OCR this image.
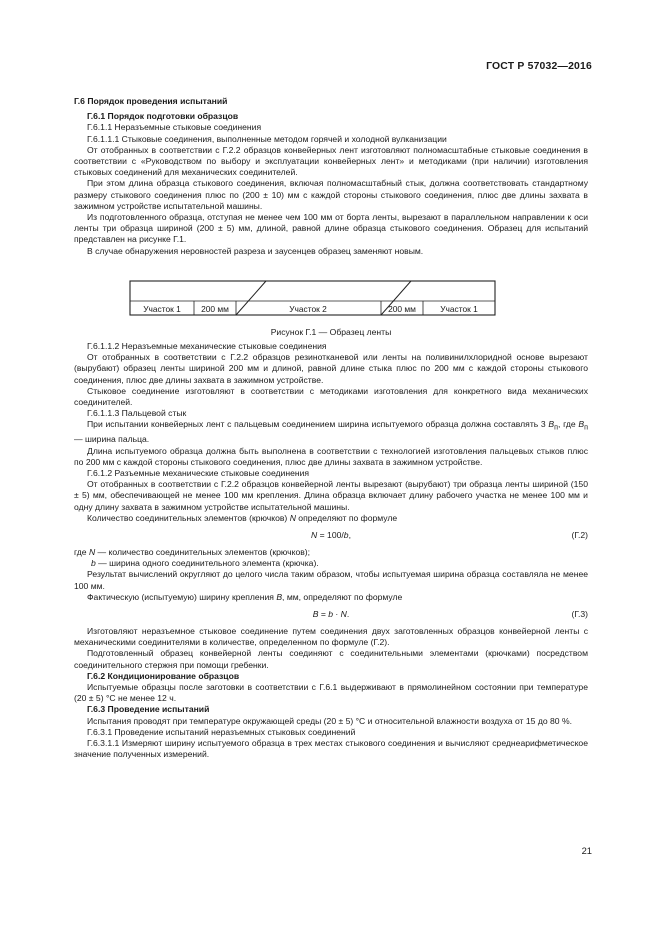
ГОСТ Р 57032—2016

Г.6 Порядок проведения испытаний

Г.6.1 Порядок подготовки образцов

Г.6.1.1 Неразъемные стыковые соединения

Г.6.1.1.1 Стыковые соединения, выполненные методом горячей и холодной вулканизации

От отобранных в соответствии с Г.2.2 образцов конвейерных лент изготовляют полномасштабные стыковые соединения в соответствии с «Руководством по выбору и эксплуатации конвейерных лент» и методиками (при наличии) изготовления стыковых соединений для механических соединителей.

При этом длина образца стыкового соединения, включая полномасштабный стык, должна соответствовать стандартному размеру стыкового соединения плюс по (200 ± 10) мм с каждой стороны стыкового соединения, плюс две длины захвата в зажимном устройстве испытательной машины.

Из подготовленного образца, отступая не менее чем 100 мм от борта ленты, вырезают в параллельном направлении к оси ленты три образца шириной (200 ± 5) мм, длиной, равной длине образца стыкового соединения. Образец для испытаний представлен на рисунке Г.1.

В случае обнаружения неровностей разреза и заусенцев образец заменяют новым.

Участок 1 200 мм	Участок 2	200 мм	Участок 1

Рисунок Г.1 — Образец ленты

Г.6.1.1.2 Неразъемные механические стыковые соединения

От отобранных в соответствии с Г.2.2 образцов резинотканевой или ленты на поливинилхлоридной основе вырезают (вырубают) образец ленты шириной 200 мм и длиной, равной длине стыка плюс по 200 мм с каждой стороны стыкового соединения, плюс две длины захвата в зажимном устройстве.

Стыковое соединение изготовляют в соответствии с методиками изготовления для конкретного вида механических соединителей.

Г.6.1.1.3 Пальцевой стык

При испытании конвейерных лент с пальцевым соединением ширина испытуемого образца должна составлять 3 $B_п$, где $B_п$ — ширина пальца.

Длина испытуемого образца должна быть выполнена в соответствии с технологией изготовления пальцевых стыков плюс по 200 мм с каждой стороны стыкового соединения, плюс две длины захвата в зажимном устройстве.

Г.6.1.2 Разъемные механические стыковые соединения

От отобранных в соответствии с Г.2.2 образцов конвейерной ленты вырезают (вырубают) три образца ленты шириной (150 ± 5) мм, обеспечивающей не менее 100 мм крепления. Длина образца включает длину рабочего участка не менее 100 мм и одну длину захвата в зажимном устройстве испытательной машины.

Количество соединительных элементов (крючков) N определяют по формуле

N = 100/b,	(Г.2)

где N — количество соединительных элементов (крючков);

b — ширина одного соединительного элемента (крючка).

Результат вычислений округляют до целого числа таким образом, чтобы испытуемая ширина образца составляла не менее 100 мм.

Фактическую (испытуемую) ширину крепления B, мм, определяют по формуле

B = b · N.	(Г.3)

Изготовляют неразъемное стыковое соединение путем соединения двух заготовленных образцов конвейерной ленты с механическими соединителями в количестве, определенном по формуле (Г.2).

Подготовленный образец конвейерной ленты соединяют с соединительными элементами (крючками) посредством соединительного стержня при помощи гребенки.

Г.6.2 Кондиционирование образцов

Испытуемые образцы после заготовки в соответствии с Г.6.1 выдерживают в прямолинейном состоянии при температуре (20 ± 5) °С не менее 12 ч.

Г.6.3 Проведение испытаний

Испытания проводят при температуре окружающей среды (20 ± 5) °С и относительной влажности воздуха от 15 до 80 %.

Г.6.3.1 Проведение испытаний неразъемных стыковых соединений

Г.6.3.1.1 Измеряют ширину испытуемого образца в трех местах стыкового соединения и вычисляют среднеарифметическое значение полученных измерений.

21
